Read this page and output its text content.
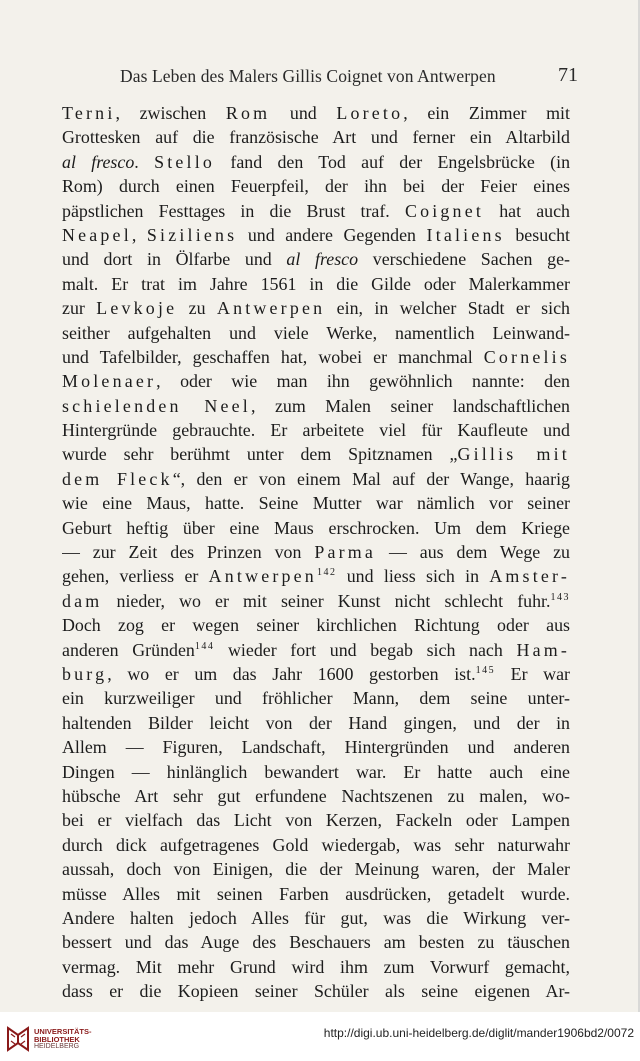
Das Leben des Malers Gillis Coignet von Antwerpen	71
Terni, zwischen Rom und Loreto, ein Zimmer mit
Grottesken auf die französische Art und ferner ein Altarbild
al fresco. Stello fand den Tod auf der Engelsbrücke (in
Rom) durch einen Feuerpfeil, der ihn bei der Feier eines
päpstlichen Festtages in die Brust traf. Coignet hat auch
Neapel, Siziliens und andere Gegenden Italiens besucht
und dort in Ölfarbe und al fresco verschiedene Sachen ge-
malt. Er trat im Jahre 1561 in die Gilde oder Malerkammer
zur Levkoje zu Antwerpen ein, in welcher Stadt er sich
seither aufgehalten und viele Werke, namentlich Leinwand-
und Tafelbilder, geschaffen hat, wobei er manchmal Cornelis
Molenaer, oder wie man ihn gewöhnlich nannte: den
schielenden Neel, zum Malen seiner landschaftlichen
Hintergründe gebrauchte. Er arbeitete viel für Kaufleute und
wurde sehr berühmt unter dem Spitznamen „Gillis mit
dem Fleck“, den er von einem Mal auf der Wange, haarig
wie eine Maus, hatte. Seine Mutter war nämlich vor seiner
Geburt heftig über eine Maus erschrocken. Um dem Kriege
— zur Zeit des Prinzen von Parma — aus dem Wege zu
gehen, verliess er Antwerpen$^{142}$ und liess sich in Amster-
dam nieder, wo er mit seiner Kunst nicht schlecht fuhr.$^{143}$
Doch zog er wegen seiner kirchlichen Richtung oder aus
anderen Gründen$^{144}$ wieder fort und begab sich nach Ham-
burg, wo er um das Jahr 1600 gestorben ist.$^{145}$ Er war
ein kurzweiliger und fröhlicher Mann, dem seine unter-
haltenden Bilder leicht von der Hand gingen, und der in
Allem — Figuren, Landschaft, Hintergründen und anderen
Dingen — hinlänglich bewandert war. Er hatte auch eine
hübsche Art sehr gut erfundene Nachtszenen zu malen, wo-
bei er vielfach das Licht von Kerzen, Fackeln oder Lampen
durch dick aufgetragenes Gold wiedergab, was sehr naturwahr
aussah, doch von Einigen, die der Meinung waren, der Maler
müsse Alles mit seinen Farben ausdrücken, getadelt wurde.
Andere halten jedoch Alles für gut, was die Wirkung ver-
bessert und das Auge des Beschauers am besten zu täuschen
vermag. Mit mehr Grund wird ihm zum Vorwurf gemacht,
dass er die Kopieen seiner Schüler als seine eigenen Ar-
UNIVERSITÄTS-
BIBLIOTHEK
HEIDELBERG
http://digi.ub.uni-heidelberg.de/diglit/mander1906bd2/0072
